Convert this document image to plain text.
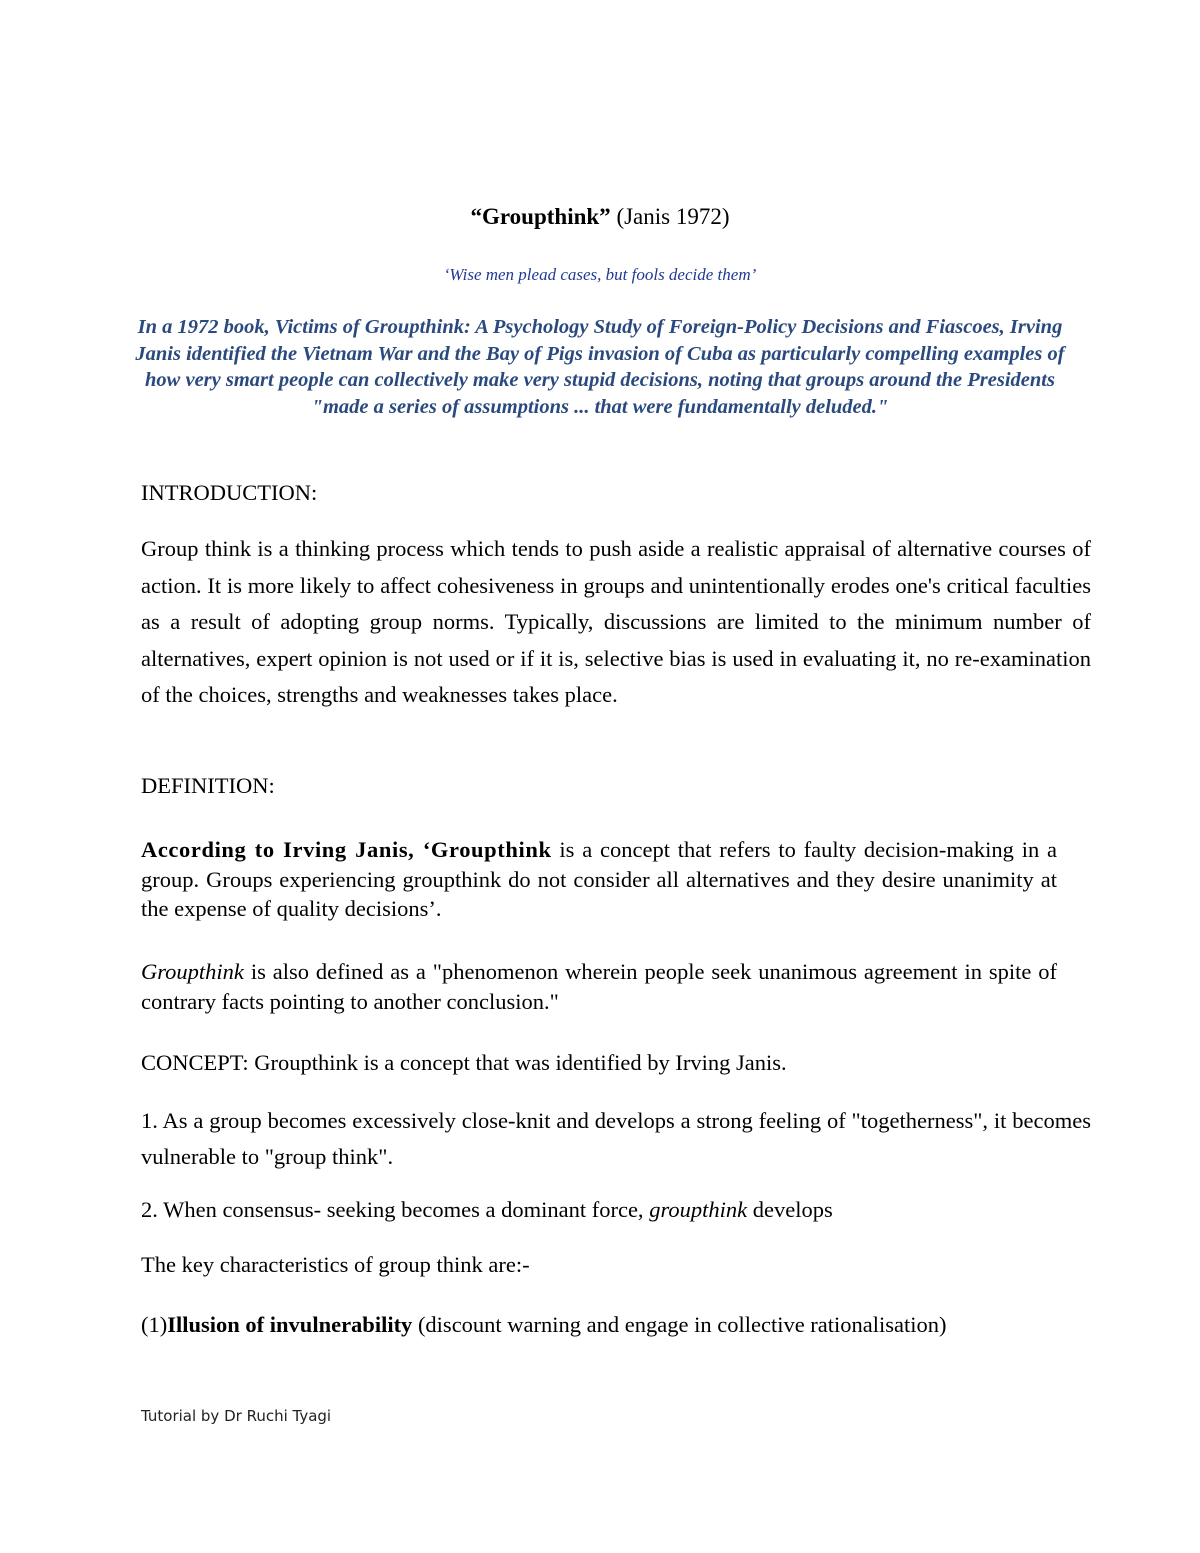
“Groupthink” (Janis 1972)
‘Wise men plead cases, but fools decide them’
In a 1972 book, Victims of Groupthink: A Psychology Study of Foreign-Policy Decisions and Fiascoes, Irving Janis identified the Vietnam War and the Bay of Pigs invasion of Cuba as particularly compelling examples of how very smart people can collectively make very stupid decisions, noting that groups around the Presidents "made a series of assumptions ... that were fundamentally deluded."
INTRODUCTION:
Group think is a thinking process which tends to push aside a realistic appraisal of alternative courses of action. It is more likely to affect cohesiveness in groups and unintentionally erodes one's critical faculties as a result of adopting group norms. Typically, discussions are limited to the minimum number of alternatives, expert opinion is not used or if it is, selective bias is used in evaluating it, no re-examination of the choices, strengths and weaknesses takes place.
DEFINITION:
According to Irving Janis, ‘Groupthink is a concept that refers to faulty decision-making in a group. Groups experiencing groupthink do not consider all alternatives and they desire unanimity at the expense of quality decisions’.
Groupthink is also defined as a "phenomenon wherein people seek unanimous agreement in spite of contrary facts pointing to another conclusion."
CONCEPT: Groupthink is a concept that was identified by Irving Janis.
1. As a group becomes excessively close-knit and develops a strong feeling of "togetherness", it becomes vulnerable to "group think".
2. When consensus- seeking becomes a dominant force, groupthink develops
The key characteristics of group think are:-
(1)Illusion of invulnerability (discount warning and engage in collective rationalisation)
Tutorial by Dr Ruchi Tyagi
